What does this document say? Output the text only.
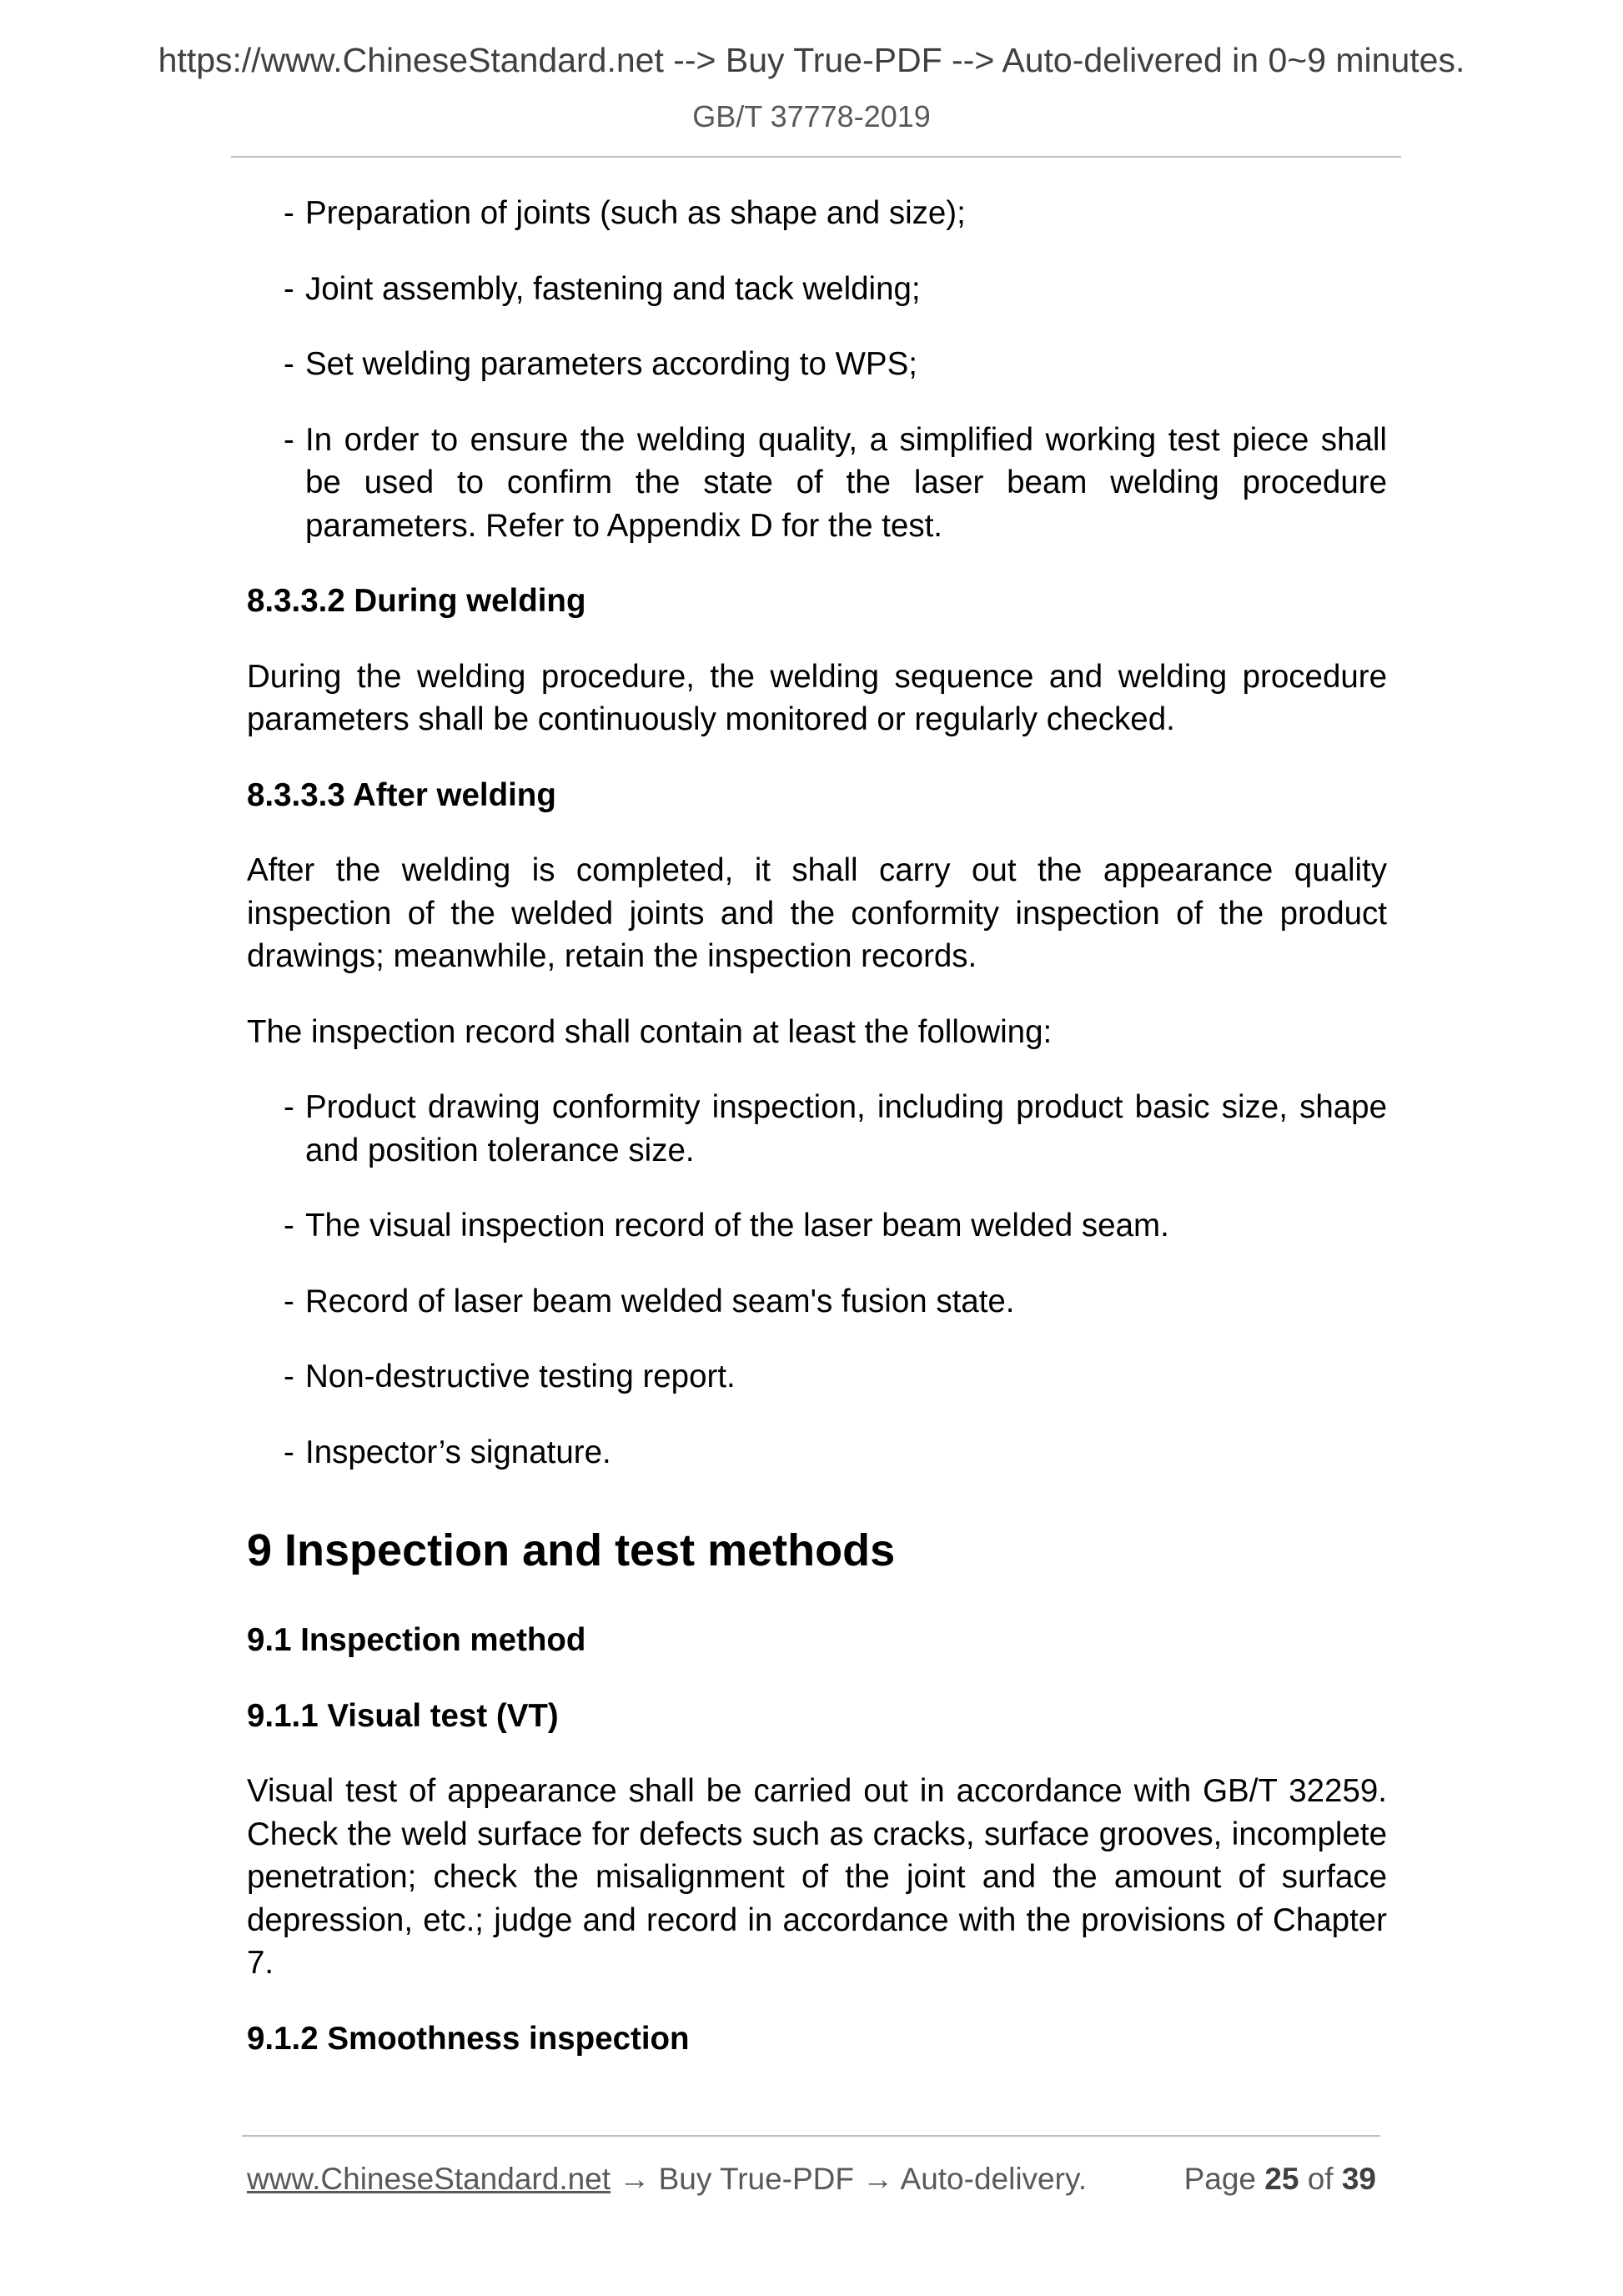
https://www.ChineseStandard.net --> Buy True-PDF --> Auto-delivered in 0~9 minutes.
GB/T 37778-2019
- Preparation of joints (such as shape and size);
- Joint assembly, fastening and tack welding;
- Set welding parameters according to WPS;
- In order to ensure the welding quality, a simplified working test piece shall be used to confirm the state of the laser beam welding procedure parameters. Refer to Appendix D for the test.
8.3.3.2 During welding
During the welding procedure, the welding sequence and welding procedure parameters shall be continuously monitored or regularly checked.
8.3.3.3 After welding
After the welding is completed, it shall carry out the appearance quality inspection of the welded joints and the conformity inspection of the product drawings; meanwhile, retain the inspection records.
The inspection record shall contain at least the following:
- Product drawing conformity inspection, including product basic size, shape and position tolerance size.
- The visual inspection record of the laser beam welded seam.
- Record of laser beam welded seam's fusion state.
- Non-destructive testing report.
- Inspector’s signature.
9 Inspection and test methods
9.1 Inspection method
9.1.1 Visual test (VT)
Visual test of appearance shall be carried out in accordance with GB/T 32259. Check the weld surface for defects such as cracks, surface grooves, incomplete penetration; check the misalignment of the joint and the amount of surface depression, etc.; judge and record in accordance with the provisions of Chapter 7.
9.1.2 Smoothness inspection
www.ChineseStandard.net → Buy True-PDF → Auto-delivery.	Page 25 of 39
